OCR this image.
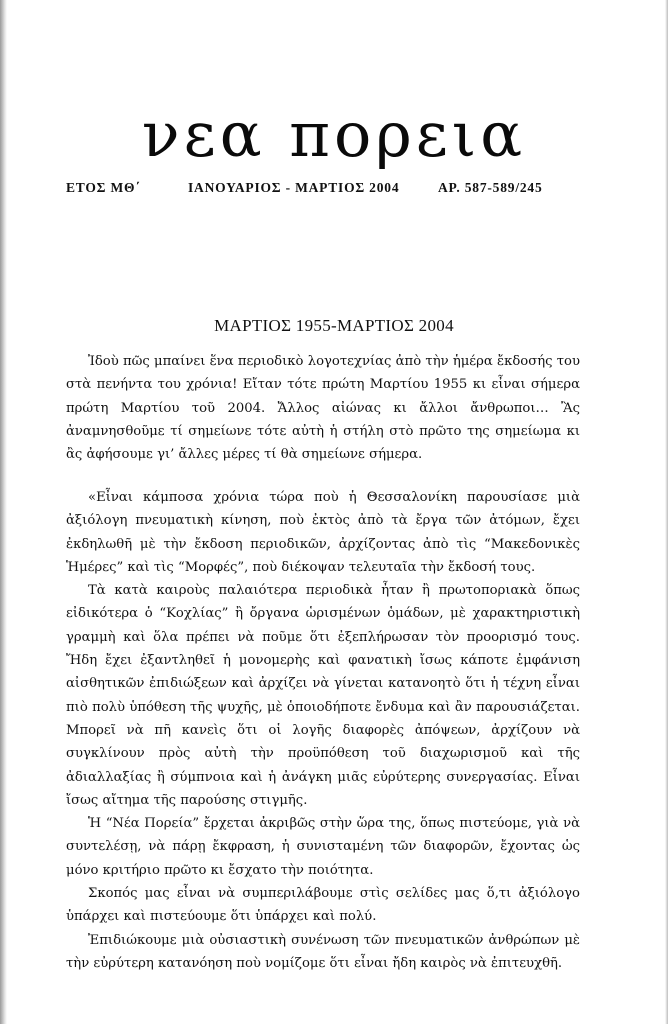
νεα πορεια
ΕΤΟΣ ΜΘ΄	ΙΑΝΟΥΑΡΙΟΣ - ΜΑΡΤΙΟΣ 2004	ΑΡ. 587-589/245
ΜΑΡΤΙΟΣ 1955-ΜΑΡΤΙΟΣ 2004

Ἰδοὺ πῶς μπαίνει ἕνα περιοδικὸ λογοτεχνίας ἀπὸ τὴν ἡμέρα ἔκδοσής του στὰ πενήντα του χρόνια! Εἴταν τότε πρώτη Μαρτίου 1955 κι εἶναι σήμερα πρώτη Μαρτίου τοῦ 2004. Ἄλλος αἰώνας κι ἄλλοι ἄνθρωποι… Ἂς ἀναμνησθοῦμε τί σημείωνε τότε αὐτὴ ἡ στήλη στὸ πρῶτο της σημείωμα κι ἂς ἀφήσουμε γι’ ἄλλες μέρες τί θὰ σημείωνε σήμερα.

«Εἶναι κάμποσα χρόνια τώρα ποὺ ἡ Θεσσαλονίκη παρουσίασε μιὰ ἀξιόλογη πνευματικὴ κίνηση, ποὺ ἐκτὸς ἀπὸ τὰ ἔργα τῶν ἀτόμων, ἔχει ἐκδηλωθῆ μὲ τὴν ἔκδοση περιοδικῶν, ἀρχίζοντας ἀπὸ τὶς “Μακεδονικὲς Ἡμέρες” καὶ τὶς “Μορφές”, ποὺ διέκοψαν τελευταῖα τὴν ἔκδοσή τους.

Τὰ κατὰ καιροὺς παλαιότερα περιοδικὰ ἦταν ἢ πρωτοποριακὰ ὅπως εἰδικότερα ὁ “Κοχλίας” ἢ ὄργανα ὡρισμένων ὁμάδων, μὲ χαρακτηριστικὴ γραμμὴ καὶ ὅλα πρέπει νὰ ποῦμε ὅτι ἐξεπλήρωσαν τὸν προορισμό τους. Ἤδη ἔχει ἐξαντληθεῖ ἡ μονομερὴς καὶ φανατικὴ ἴσως κάποτε ἐμφάνιση αἰσθητικῶν ἐπιδιώξεων καὶ ἀρχίζει νὰ γίνεται κατανοητὸ ὅτι ἡ τέχνη εἶναι πιὸ πολὺ ὑπόθεση τῆς ψυχῆς, μὲ ὁποιοδήποτε ἔνδυμα καὶ ἂν παρουσιάζεται. Μπορεῖ νὰ πῆ κανεὶς ὅτι οἱ λογῆς διαφορὲς ἀπόψεων, ἀρχίζουν νὰ συγκλίνουν πρὸς αὐτὴ τὴν προϋπόθεση τοῦ διαχωρισμοῦ καὶ τῆς ἀδιαλλαξίας ἢ σύμπνοια καὶ ἡ ἀνάγκη μιᾶς εὐρύτερης συνεργασίας. Εἶναι ἴσως αἴτημα τῆς παρούσης στιγμῆς.

Ἡ “Νέα Πορεία” ἔρχεται ἀκριβῶς στὴν ὥρα της, ὅπως πιστεύομε, γιὰ νὰ συντελέσῃ, νὰ πάρῃ ἔκφραση, ἡ συνισταμένη τῶν διαφορῶν, ἔχοντας ὡς μόνο κριτήριο πρῶτο κι ἔσχατο τὴν ποιότητα.

Σκοπός μας εἶναι νὰ συμπεριλάβουμε στὶς σελίδες μας ὅ,τι ἀξιόλογο ὑπάρχει καὶ πιστεύουμε ὅτι ὑπάρχει καὶ πολύ.

Ἐπιδιώκουμε μιὰ οὐσιαστικὴ συνένωση τῶν πνευματικῶν ἀνθρώπων μὲ τὴν εὐρύτερη κατανόηση ποὺ νομίζομε ὅτι εἶναι ἤδη καιρὸς νὰ ἐπιτευχθῆ.
